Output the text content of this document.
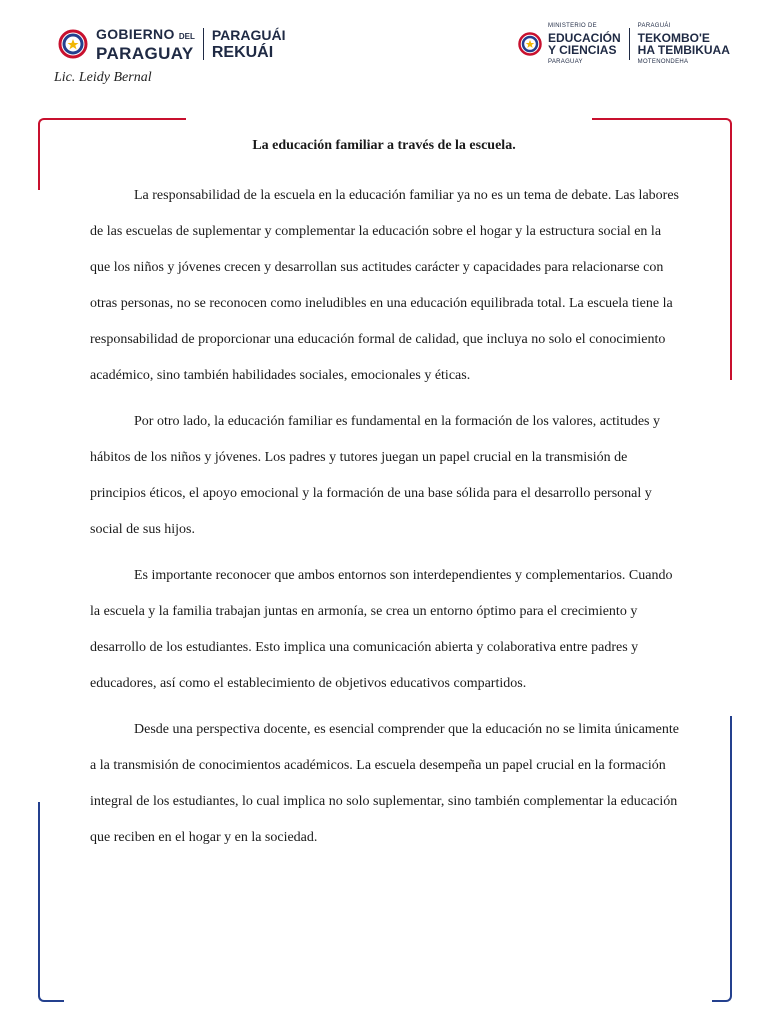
GOBIERNO DEL
PARAGUAY
PARAGUÁI
REKUÁI
MINISTERIO DE
EDUCACIÓN
Y CIENCIAS
PARAGUAY
PARAGUÁI
TEKOMBO'E
HA TEMBIKUAA
MOTENONDEHA
Lic. Leidy Bernal
La educación familiar a través de la escuela.

La responsabilidad de la escuela en la educación familiar ya no es un tema de debate. Las labores de las escuelas de suplementar y complementar la educación sobre el hogar y la estructura social en la que los niños y jóvenes crecen y desarrollan sus actitudes carácter y capacidades para relacionarse con otras personas, no se reconocen como ineludibles en una educación equilibrada total. La escuela tiene la responsabilidad de proporcionar una educación formal de calidad, que incluya no solo el conocimiento académico, sino también habilidades sociales, emocionales y éticas.

Por otro lado, la educación familiar es fundamental en la formación de los valores, actitudes y hábitos de los niños y jóvenes. Los padres y tutores juegan un papel crucial en la transmisión de principios éticos, el apoyo emocional y la formación de una base sólida para el desarrollo personal y social de sus hijos.

Es importante reconocer que ambos entornos son interdependientes y complementarios. Cuando la escuela y la familia trabajan juntas en armonía, se crea un entorno óptimo para el crecimiento y desarrollo de los estudiantes. Esto implica una comunicación abierta y colaborativa entre padres y educadores, así como el establecimiento de objetivos educativos compartidos.

Desde una perspectiva docente, es esencial comprender que la educación no se limita únicamente a la transmisión de conocimientos académicos. La escuela desempeña un papel crucial en la formación integral de los estudiantes, lo cual implica no solo suplementar, sino también complementar la educación que reciben en el hogar y en la sociedad.
